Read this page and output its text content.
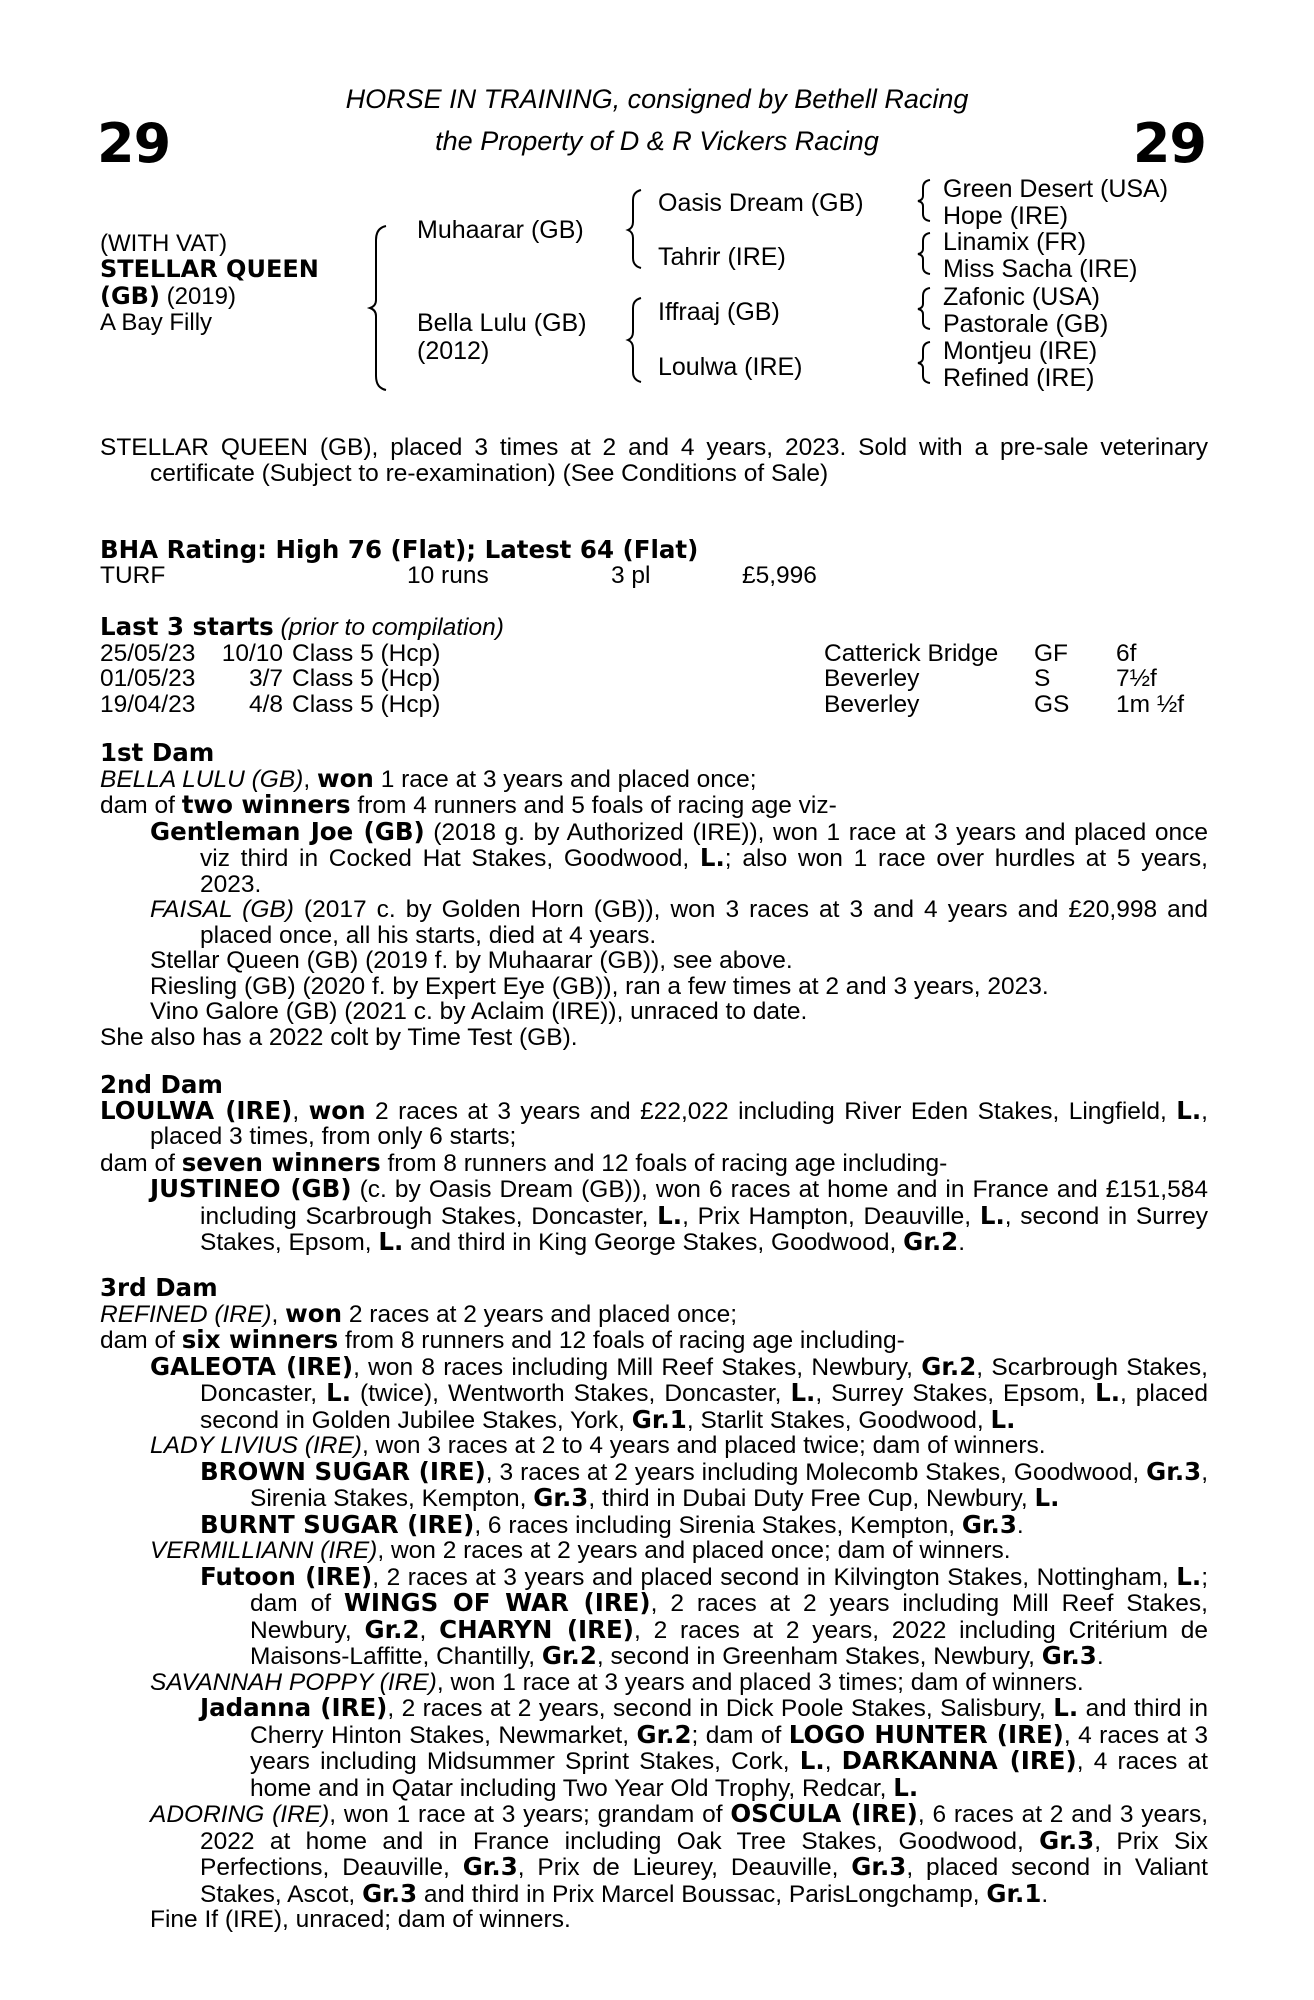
29	29
HORSE IN TRAINING, consigned by Bethell Racing
the Property of D & R Vickers Racing
(WITH VAT)
STELLAR QUEEN
(GB) (2019)
A Bay Filly
Muhaarar (GB)
Bella Lulu (GB)
(2012)
Oasis Dream (GB)
Tahrir (IRE)
Iffraaj (GB)
Loulwa (IRE)
Green Desert (USA)
Hope (IRE)
Linamix (FR)
Miss Sacha (IRE)
Zafonic (USA)
Pastorale (GB)
Montjeu (IRE)
Refined (IRE)

STELLAR QUEEN (GB), placed 3 times at 2 and 4 years, 2023. Sold with a pre-sale veterinary certificate (Subject to re-examination) (See Conditions of Sale)

BHA Rating: High 76 (Flat); Latest 64 (Flat)
TURF	10 runs	3 pl	£5,996
Last 3 starts (prior to compilation)
25/05/23	10/10 Class 5 (Hcp)	Catterick Bridge GF 6f
01/05/23	3/7 Class 5 (Hcp)	Beverley	S	7½f
19/04/23	4/8 Class 5 (Hcp)	Beverley	GS 1m ½f
1st Dam

BELLA LULU (GB), won 1 race at 3 years and placed once;

dam of two winners from 4 runners and 5 foals of racing age viz-

Gentleman Joe (GB) (2018 g. by Authorized (IRE)), won 1 race at 3 years and placed once viz third in Cocked Hat Stakes, Goodwood, L.; also won 1 race over hurdles at 5 years, 2023.

FAISAL (GB) (2017 c. by Golden Horn (GB)), won 3 races at 3 and 4 years and £20,998 and placed once, all his starts, died at 4 years.

Stellar Queen (GB) (2019 f. by Muhaarar (GB)), see above.

Riesling (GB) (2020 f. by Expert Eye (GB)), ran a few times at 2 and 3 years, 2023.

Vino Galore (GB) (2021 c. by Aclaim (IRE)), unraced to date.

She also has a 2022 colt by Time Test (GB).

2nd Dam

LOULWA (IRE), won 2 races at 3 years and £22,022 including River Eden Stakes, Lingfield, L., placed 3 times, from only 6 starts;

dam of seven winners from 8 runners and 12 foals of racing age including-

JUSTINEO (GB) (c. by Oasis Dream (GB)), won 6 races at home and in France and £151,584 including Scarbrough Stakes, Doncaster, L., Prix Hampton, Deauville, L., second in Surrey Stakes, Epsom, L. and third in King George Stakes, Goodwood, Gr.2.

3rd Dam

REFINED (IRE), won 2 races at 2 years and placed once;

dam of six winners from 8 runners and 12 foals of racing age including-

GALEOTA (IRE), won 8 races including Mill Reef Stakes, Newbury, Gr.2, Scarbrough Stakes, Doncaster, L. (twice), Wentworth Stakes, Doncaster, L., Surrey Stakes, Epsom, L., placed second in Golden Jubilee Stakes, York, Gr.1, Starlit Stakes, Goodwood, L.

LADY LIVIUS (IRE), won 3 races at 2 to 4 years and placed twice; dam of winners.

BROWN SUGAR (IRE), 3 races at 2 years including Molecomb Stakes, Goodwood, Gr.3, Sirenia Stakes, Kempton, Gr.3, third in Dubai Duty Free Cup, Newbury, L.

BURNT SUGAR (IRE), 6 races including Sirenia Stakes, Kempton, Gr.3.

VERMILLIANN (IRE), won 2 races at 2 years and placed once; dam of winners.

Futoon (IRE), 2 races at 3 years and placed second in Kilvington Stakes, Nottingham, L.; dam of WINGS OF WAR (IRE), 2 races at 2 years including Mill Reef Stakes, Newbury, Gr.2, CHARYN (IRE), 2 races at 2 years, 2022 including Critérium de Maisons-Laffitte, Chantilly, Gr.2, second in Greenham Stakes, Newbury, Gr.3.

SAVANNAH POPPY (IRE), won 1 race at 3 years and placed 3 times; dam of winners.

Jadanna (IRE), 2 races at 2 years, second in Dick Poole Stakes, Salisbury, L. and third in Cherry Hinton Stakes, Newmarket, Gr.2; dam of LOGO HUNTER (IRE), 4 races at 3 years including Midsummer Sprint Stakes, Cork, L., DARKANNA (IRE), 4 races at home and in Qatar including Two Year Old Trophy, Redcar, L.

ADORING (IRE), won 1 race at 3 years; grandam of OSCULA (IRE), 6 races at 2 and 3 years, 2022 at home and in France including Oak Tree Stakes, Goodwood, Gr.3, Prix Six Perfections, Deauville, Gr.3, Prix de Lieurey, Deauville, Gr.3, placed second in Valiant Stakes, Ascot, Gr.3 and third in Prix Marcel Boussac, ParisLongchamp, Gr.1.

Fine If (IRE), unraced; dam of winners.
